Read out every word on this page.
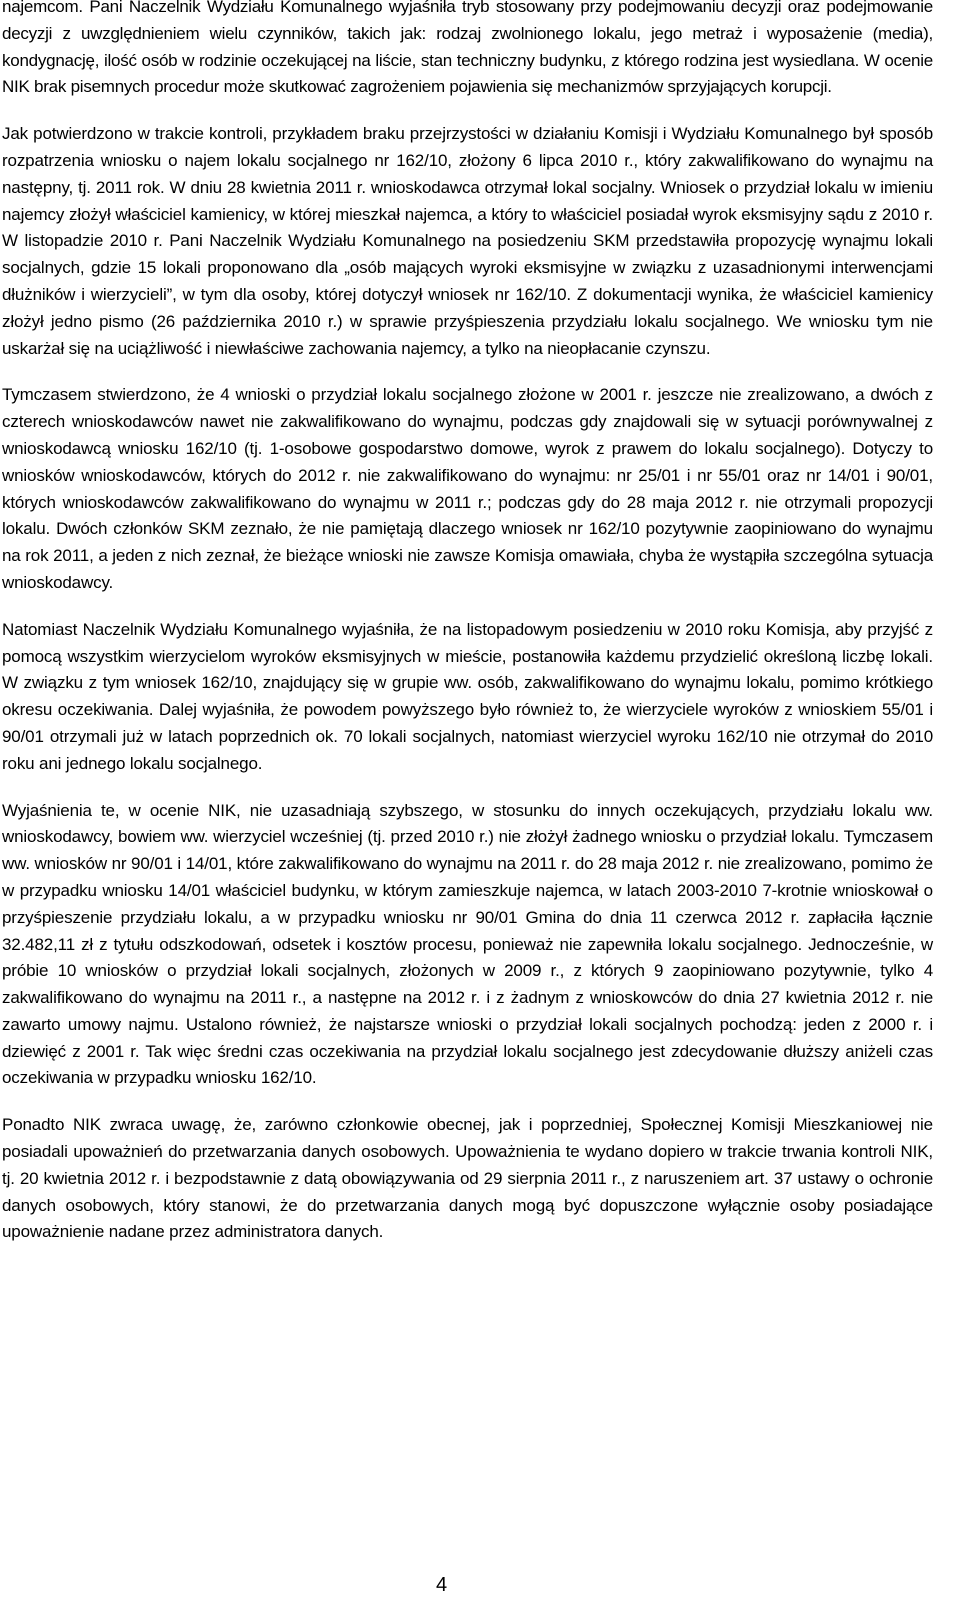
najemcom. Pani Naczelnik Wydziału Komunalnego wyjaśniła tryb stosowany przy podejmowaniu decyzji oraz podejmowanie decyzji z uwzględnieniem wielu czynników, takich jak: rodzaj zwolnionego lokalu, jego metraż i wyposażenie (media), kondygnację, ilość osób w rodzinie oczekującej na liście, stan techniczny budynku, z którego rodzina jest wysiedlana. W ocenie NIK brak pisemnych procedur może skutkować zagrożeniem pojawienia się mechanizmów sprzyjających korupcji.

Jak potwierdzono w trakcie kontroli, przykładem braku przejrzystości w działaniu Komisji i Wydziału Komunalnego był sposób rozpatrzenia wniosku o najem lokalu socjalnego nr 162/10, złożony 6 lipca 2010 r., który zakwalifikowano do wynajmu na następny, tj. 2011 rok. W dniu 28 kwietnia 2011 r. wnioskodawca otrzymał lokal socjalny. Wniosek o przydział lokalu w imieniu najemcy złożył właściciel kamienicy, w której mieszkał najemca, a który to właściciel posiadał wyrok eksmisyjny sądu z 2010 r. W listopadzie 2010 r. Pani Naczelnik Wydziału Komunalnego na posiedzeniu SKM przedstawiła propozycję wynajmu lokali socjalnych, gdzie 15 lokali proponowano dla „osób mających wyroki eksmisyjne w związku z uzasadnionymi interwencjami dłużników i wierzycieli”, w tym dla osoby, której dotyczył wniosek nr 162/10. Z dokumentacji wynika, że właściciel kamienicy złożył jedno pismo (26 października 2010 r.) w sprawie przyśpieszenia przydziału lokalu socjalnego. We wniosku tym nie uskarżał się na uciążliwość i niewłaściwe zachowania najemcy, a tylko na nieopłacanie czynszu.

Tymczasem stwierdzono, że 4 wnioski o przydział lokalu socjalnego złożone w 2001 r. jeszcze nie zrealizowano, a dwóch z czterech wnioskodawców nawet nie zakwalifikowano do wynajmu, podczas gdy znajdowali się w sytuacji porównywalnej z wnioskodawcą wniosku 162/10 (tj. 1-osobowe gospodarstwo domowe, wyrok z prawem do lokalu socjalnego). Dotyczy to wniosków wnioskodawców, których do 2012 r. nie zakwalifikowano do wynajmu: nr 25/01 i nr 55/01 oraz nr 14/01 i 90/01, których wnioskodawców zakwalifikowano do wynajmu w 2011 r.; podczas gdy do 28 maja 2012 r. nie otrzymali propozycji lokalu. Dwóch członków SKM zeznało, że nie pamiętają dlaczego wniosek nr 162/10 pozytywnie zaopiniowano do wynajmu na rok 2011, a jeden z nich zeznał, że bieżące wnioski nie zawsze Komisja omawiała, chyba że wystąpiła szczególna sytuacja wnioskodawcy.

Natomiast Naczelnik Wydziału Komunalnego wyjaśniła, że na listopadowym posiedzeniu w 2010 roku Komisja, aby przyjść z pomocą wszystkim wierzycielom wyroków eksmisyjnych w mieście, postanowiła każdemu przydzielić określoną liczbę lokali. W związku z tym wniosek 162/10, znajdujący się w grupie ww. osób, zakwalifikowano do wynajmu lokalu, pomimo krótkiego okresu oczekiwania. Dalej wyjaśniła, że powodem powyższego było również to, że wierzyciele wyroków z wnioskiem 55/01 i 90/01 otrzymali już w latach poprzednich ok. 70 lokali socjalnych, natomiast wierzyciel wyroku 162/10 nie otrzymał do 2010 roku ani jednego lokalu socjalnego.

Wyjaśnienia te, w ocenie NIK, nie uzasadniają szybszego, w stosunku do innych oczekujących, przydziału lokalu ww. wnioskodawcy, bowiem ww. wierzyciel wcześniej (tj. przed 2010 r.) nie złożył żadnego wniosku o przydział lokalu. Tymczasem ww. wniosków nr 90/01 i 14/01, które zakwalifikowano do wynajmu na 2011 r. do 28 maja 2012 r. nie zrealizowano, pomimo że w przypadku wniosku 14/01 właściciel budynku, w którym zamieszkuje najemca, w latach 2003-2010 7-krotnie wnioskował o przyśpieszenie przydziału lokalu, a w przypadku wniosku nr 90/01 Gmina do dnia 11 czerwca 2012 r. zapłaciła łącznie 32.482,11 zł z tytułu odszkodowań, odsetek i kosztów procesu, ponieważ nie zapewniła lokalu socjalnego. Jednocześnie, w próbie 10 wniosków o przydział lokali socjalnych, złożonych w 2009 r., z których 9 zaopiniowano pozytywnie, tylko 4 zakwalifikowano do wynajmu na 2011 r., a następne na 2012 r. i z żadnym z wnioskowców do dnia 27 kwietnia 2012 r. nie zawarto umowy najmu. Ustalono również, że najstarsze wnioski o przydział lokali socjalnych pochodzą: jeden z 2000 r. i dziewięć z 2001 r. Tak więc średni czas oczekiwania na przydział lokalu socjalnego jest zdecydowanie dłuższy aniżeli czas oczekiwania w przypadku wniosku 162/10.

Ponadto NIK zwraca uwagę, że, zarówno członkowie obecnej, jak i poprzedniej, Społecznej Komisji Mieszkaniowej nie posiadali upoważnień do przetwarzania danych osobowych. Upoważnienia te wydano dopiero w trakcie trwania kontroli NIK, tj. 20 kwietnia 2012 r. i bezpodstawnie z datą obowiązywania od 29 sierpnia 2011 r., z naruszeniem art. 37 ustawy o ochronie danych osobowych, który stanowi, że do przetwarzania danych mogą być dopuszczone wyłącznie osoby posiadające upoważnienie nadane przez administratora danych.

4
